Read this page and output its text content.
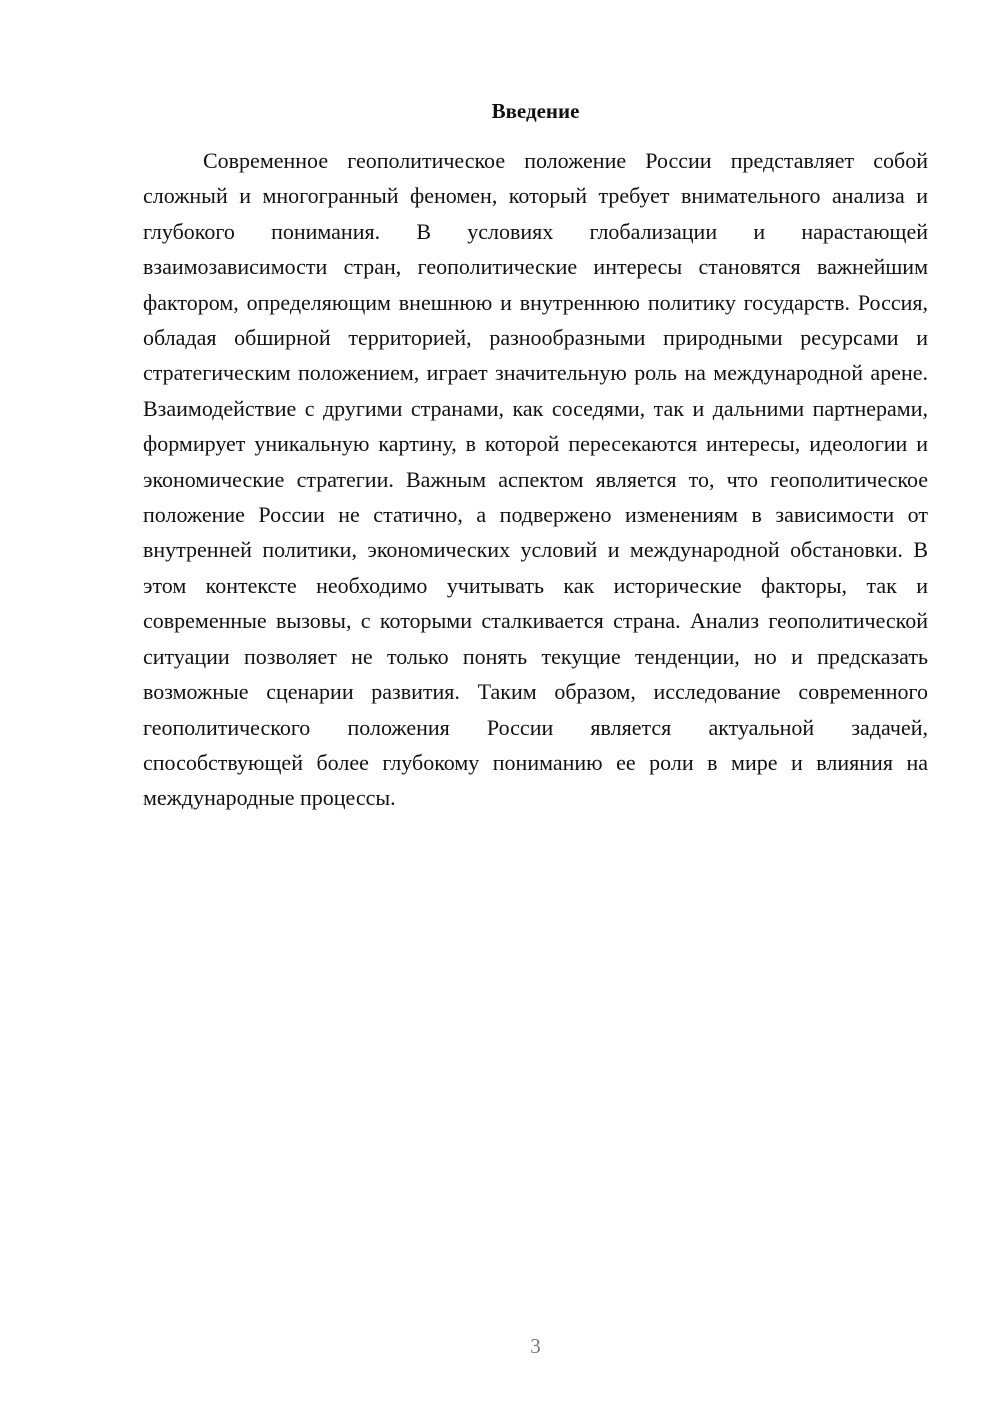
Введение

Современное геополитическое положение России представляет собой сложный и многогранный феномен, который требует внимательного анализа и глубокого понимания. В условиях глобализации и нарастающей взаимозависимости стран, геополитические интересы становятся важнейшим фактором, определяющим внешнюю и внутреннюю политику государств. Россия, обладая обширной территорией, разнообразными природными ресурсами и стратегическим положением, играет значительную роль на международной арене. Взаимодействие с другими странами, как соседями, так и дальними партнерами, формирует уникальную картину, в которой пересекаются интересы, идеологии и экономические стратегии. Важным аспектом является то, что геополитическое положение России не статично, а подвержено изменениям в зависимости от внутренней политики, экономических условий и международной обстановки. В этом контексте необходимо учитывать как исторические факторы, так и современные вызовы, с которыми сталкивается страна. Анализ геополитической ситуации позволяет не только понять текущие тенденции, но и предсказать возможные сценарии развития. Таким образом, исследование современного геополитического положения России является актуальной задачей, способствующей более глубокому пониманию ее роли в мире и влияния на международные процессы.

3
